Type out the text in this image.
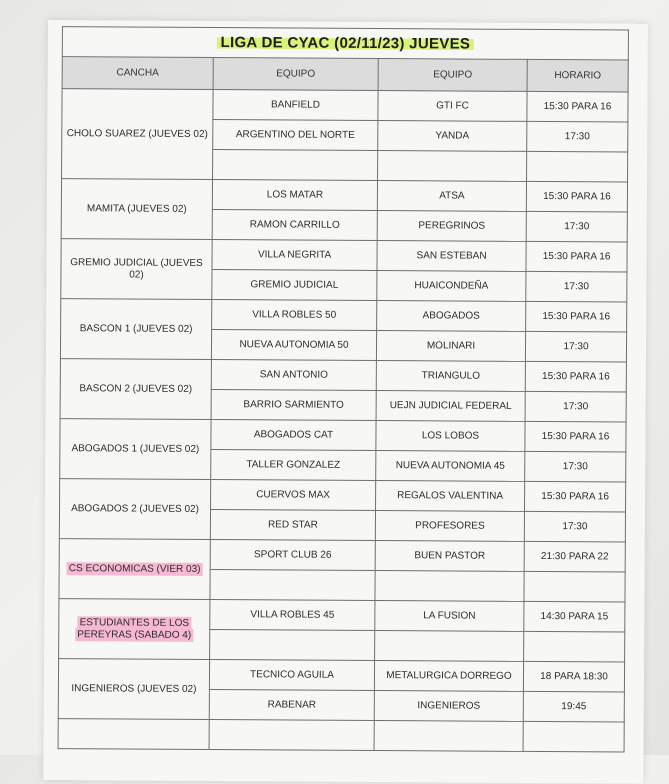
LIGA DE CYAC (02/11/23) JUEVES			
CANCHA	EQUIPO	EQUIPO	HORARIO
CHOLO SUAREZ (JUEVES 02)	BANFIELD	GTI FC	15:30 PARA 16
	ARGENTINO DEL NORTE	YANDA	17:30

MAMITA (JUEVES 02)	LOS MATAR	ATSA	15:30 PARA 16
	RAMON CARRILLO	PEREGRINOS	17:30
GREMIO JUDICIAL (JUEVES 02)	VILLA NEGRITA	SAN ESTEBAN	15:30 PARA 16
	GREMIO JUDICIAL	HUAICONDEÑA	17:30
BASCON 1 (JUEVES 02)	VILLA ROBLES 50	ABOGADOS	15:30 PARA 16
	NUEVA AUTONOMIA 50	MOLINARI	17:30
BASCON 2 (JUEVES 02)	SAN ANTONIO	TRIANGULO	15:30 PARA 16
	BARRIO SARMIENTO	UEJN JUDICIAL FEDERAL	17:30
ABOGADOS 1 (JUEVES 02)	ABOGADOS CAT	LOS LOBOS	15:30 PARA 16
	TALLER GONZALEZ	NUEVA AUTONOMIA 45	17:30
ABOGADOS 2 (JUEVES 02)	CUERVOS MAX	REGALOS VALENTINA	15:30 PARA 16
	RED STAR	PROFESORES	17:30
CS ECONOMICAS (VIER 03)	SPORT CLUB 26	BUEN PASTOR	21:30 PARA 22

ESTUDIANTES DE LOS PEREYRAS (SABADO 4)	VILLA ROBLES 45	LA FUSION	14:30 PARA 15

INGENIEROS (JUEVES 02)	TECNICO AGUILA	METALURGICA DORREGO	18 PARA 18:30
	RABENAR	INGENIEROS	19:45
